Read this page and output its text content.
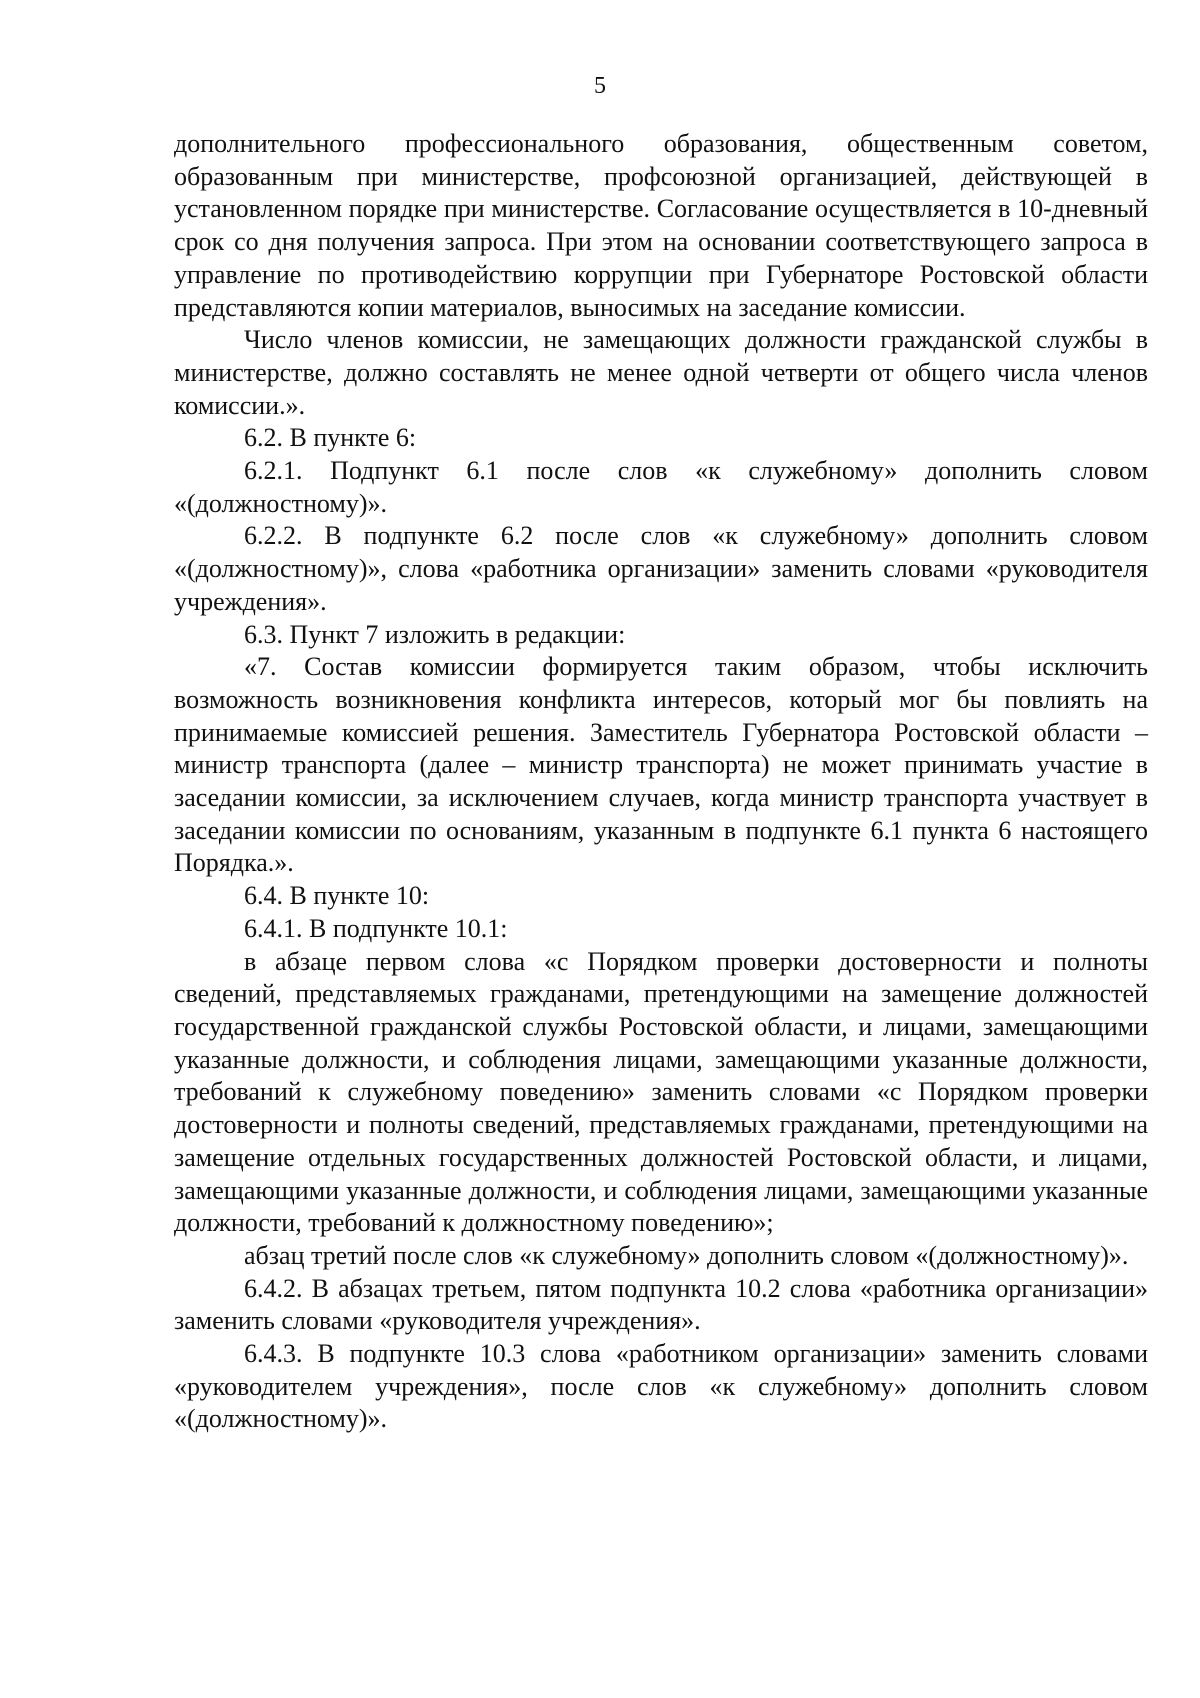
5

дополнительного профессионального образования, общественным советом, образованным при министерстве, профсоюзной организацией, действующей в установленном порядке при министерстве. Согласование осуществляется в 10-дневный срок со дня получения запроса. При этом на основании соответствующего запроса в управление по противодействию коррупции при Губернаторе Ростовской области представляются копии материалов, выносимых на заседание комиссии.

Число членов комиссии, не замещающих должности гражданской службы в министерстве, должно составлять не менее одной четверти от общего числа членов комиссии.».

6.2. В пункте 6:

6.2.1. Подпункт 6.1 после слов «к служебному» дополнить словом «(должностному)».

6.2.2. В подпункте 6.2 после слов «к служебному» дополнить словом «(должностному)», слова «работника организации» заменить словами «руководителя учреждения».

6.3. Пункт 7 изложить в редакции:

«7. Состав комиссии формируется таким образом, чтобы исключить возможность возникновения конфликта интересов, который мог бы повлиять на принимаемые комиссией решения. Заместитель Губернатора Ростовской области – министр транспорта (далее – министр транспорта) не может принимать участие в заседании комиссии, за исключением случаев, когда министр транспорта участвует в заседании комиссии по основаниям, указанным в подпункте 6.1 пункта 6 настоящего Порядка.».

6.4. В пункте 10:

6.4.1. В подпункте 10.1:

в абзаце первом слова «с Порядком проверки достоверности и полноты сведений, представляемых гражданами, претендующими на замещение должностей государственной гражданской службы Ростовской области, и лицами, замещающими указанные должности, и соблюдения лицами, замещающими указанные должности, требований к служебному поведению» заменить словами «с Порядком проверки достоверности и полноты сведений, представляемых гражданами, претендующими на замещение отдельных государственных должностей Ростовской области, и лицами, замещающими указанные должности, и соблюдения лицами, замещающими указанные должности, требований к должностному поведению»;

абзац третий после слов «к служебному» дополнить словом «(должностному)».

6.4.2. В абзацах третьем, пятом подпункта 10.2 слова «работника организации» заменить словами «руководителя учреждения».

6.4.3. В подпункте 10.3 слова «работником организации» заменить словами «руководителем учреждения», после слов «к служебному» дополнить словом «(должностному)».
